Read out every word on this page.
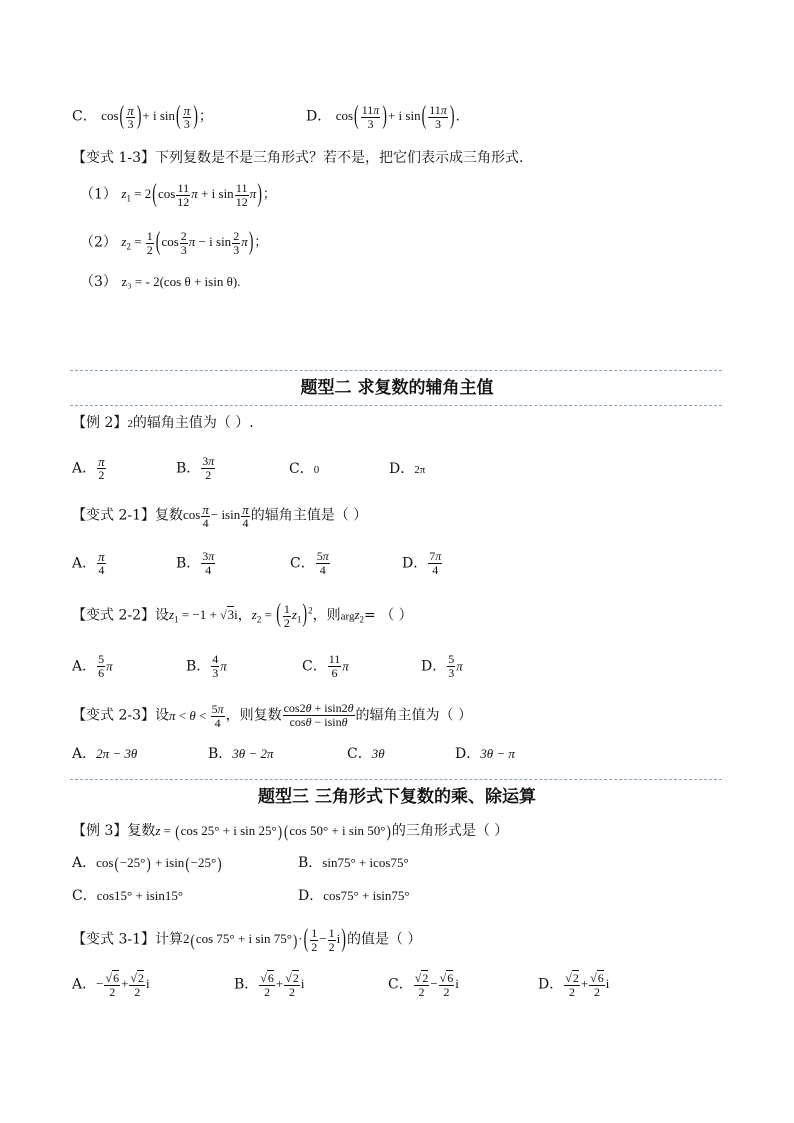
C． $\cos( \frac{\pi}{3}$ )+ i $\sin( \frac{\pi}{3}$ )；	D． $\cos( \frac{11\pi}{3}$ )+ i $\sin( \frac{11\pi}{3}$ ).
【变式 1-3】下列复数是不是三角形式？若不是，把它们表示成三角形式.
（1） $z_1 = 2(\cos \frac{11}{12}$ π + i $\sin \frac{11}{12} \pi$)；
（2） $z_2 = \frac{1}{2} (\cos \frac{2}{3}$ π − i $\sin \frac{2}{3} \pi$)；
（3） z₃ = - 2(cos θ + isin θ).
题型二 求复数的辅角主值
【例 2】2的辐角主值为（ ）.
A． $\frac{\pi}{2}$	B． $\frac{3\pi}{2}$	C．0	D．2π
【变式 2-1】复数$\cos \frac{\pi}{4} - isin \frac{\pi}{4}$ 的辐角主值是（ ）
A． $\frac{\pi}{4}$	B． $\frac{3\pi}{4}$	C． $\frac{5\pi}{4}$	D． $\frac{7\pi}{4}$
【变式 2-2】设$z_1 = -1 + √3i$，$z_2$ = ( $\frac{1}{2} z_1)^2$，则argz$_2$= （ ）
A． $\frac{5}{6}$ π	B． $\frac{4}{3}$ π	C． $\frac{11}{6}$ π	D． $\frac{5}{3}$ π
【变式 2-3】设$\pi < \theta < \frac{5\pi}{4}$ ，则复数 $\frac{\cos 2\theta + isin2\theta}{\cos\theta - isin\theta}$ 的辐角主值为（ ）
A．2π − 3θ	B．3θ − 2π	C．3θ	D．3θ − π
题型三 三角形式下复数的乘、除运算
【例 3】复数z = (cos 25° + i sin 25°) (cos 50° + i sin 50°)的三角形式是（ ）
A．cos(−25°) + isin(−25°)	B．sin75° + icos75°
C．cos15° + isin15°	D．cos75° + isin75°
【变式 3-1】计算2(cos 75° + i $\sin 75^\circ)\cdot( \frac{1}{2} - \frac{1}{2} i)$的值是（ ）
A．− $\frac{√6}{2} + \frac{√2}{2}$ i	B． $\frac{√6}{2} + \frac{√2}{2}$ i	C． $\frac{√2}{2} - \frac{√6}{2}$ i	D． $\frac{√2}{2} + \frac{√6}{2}$ i
